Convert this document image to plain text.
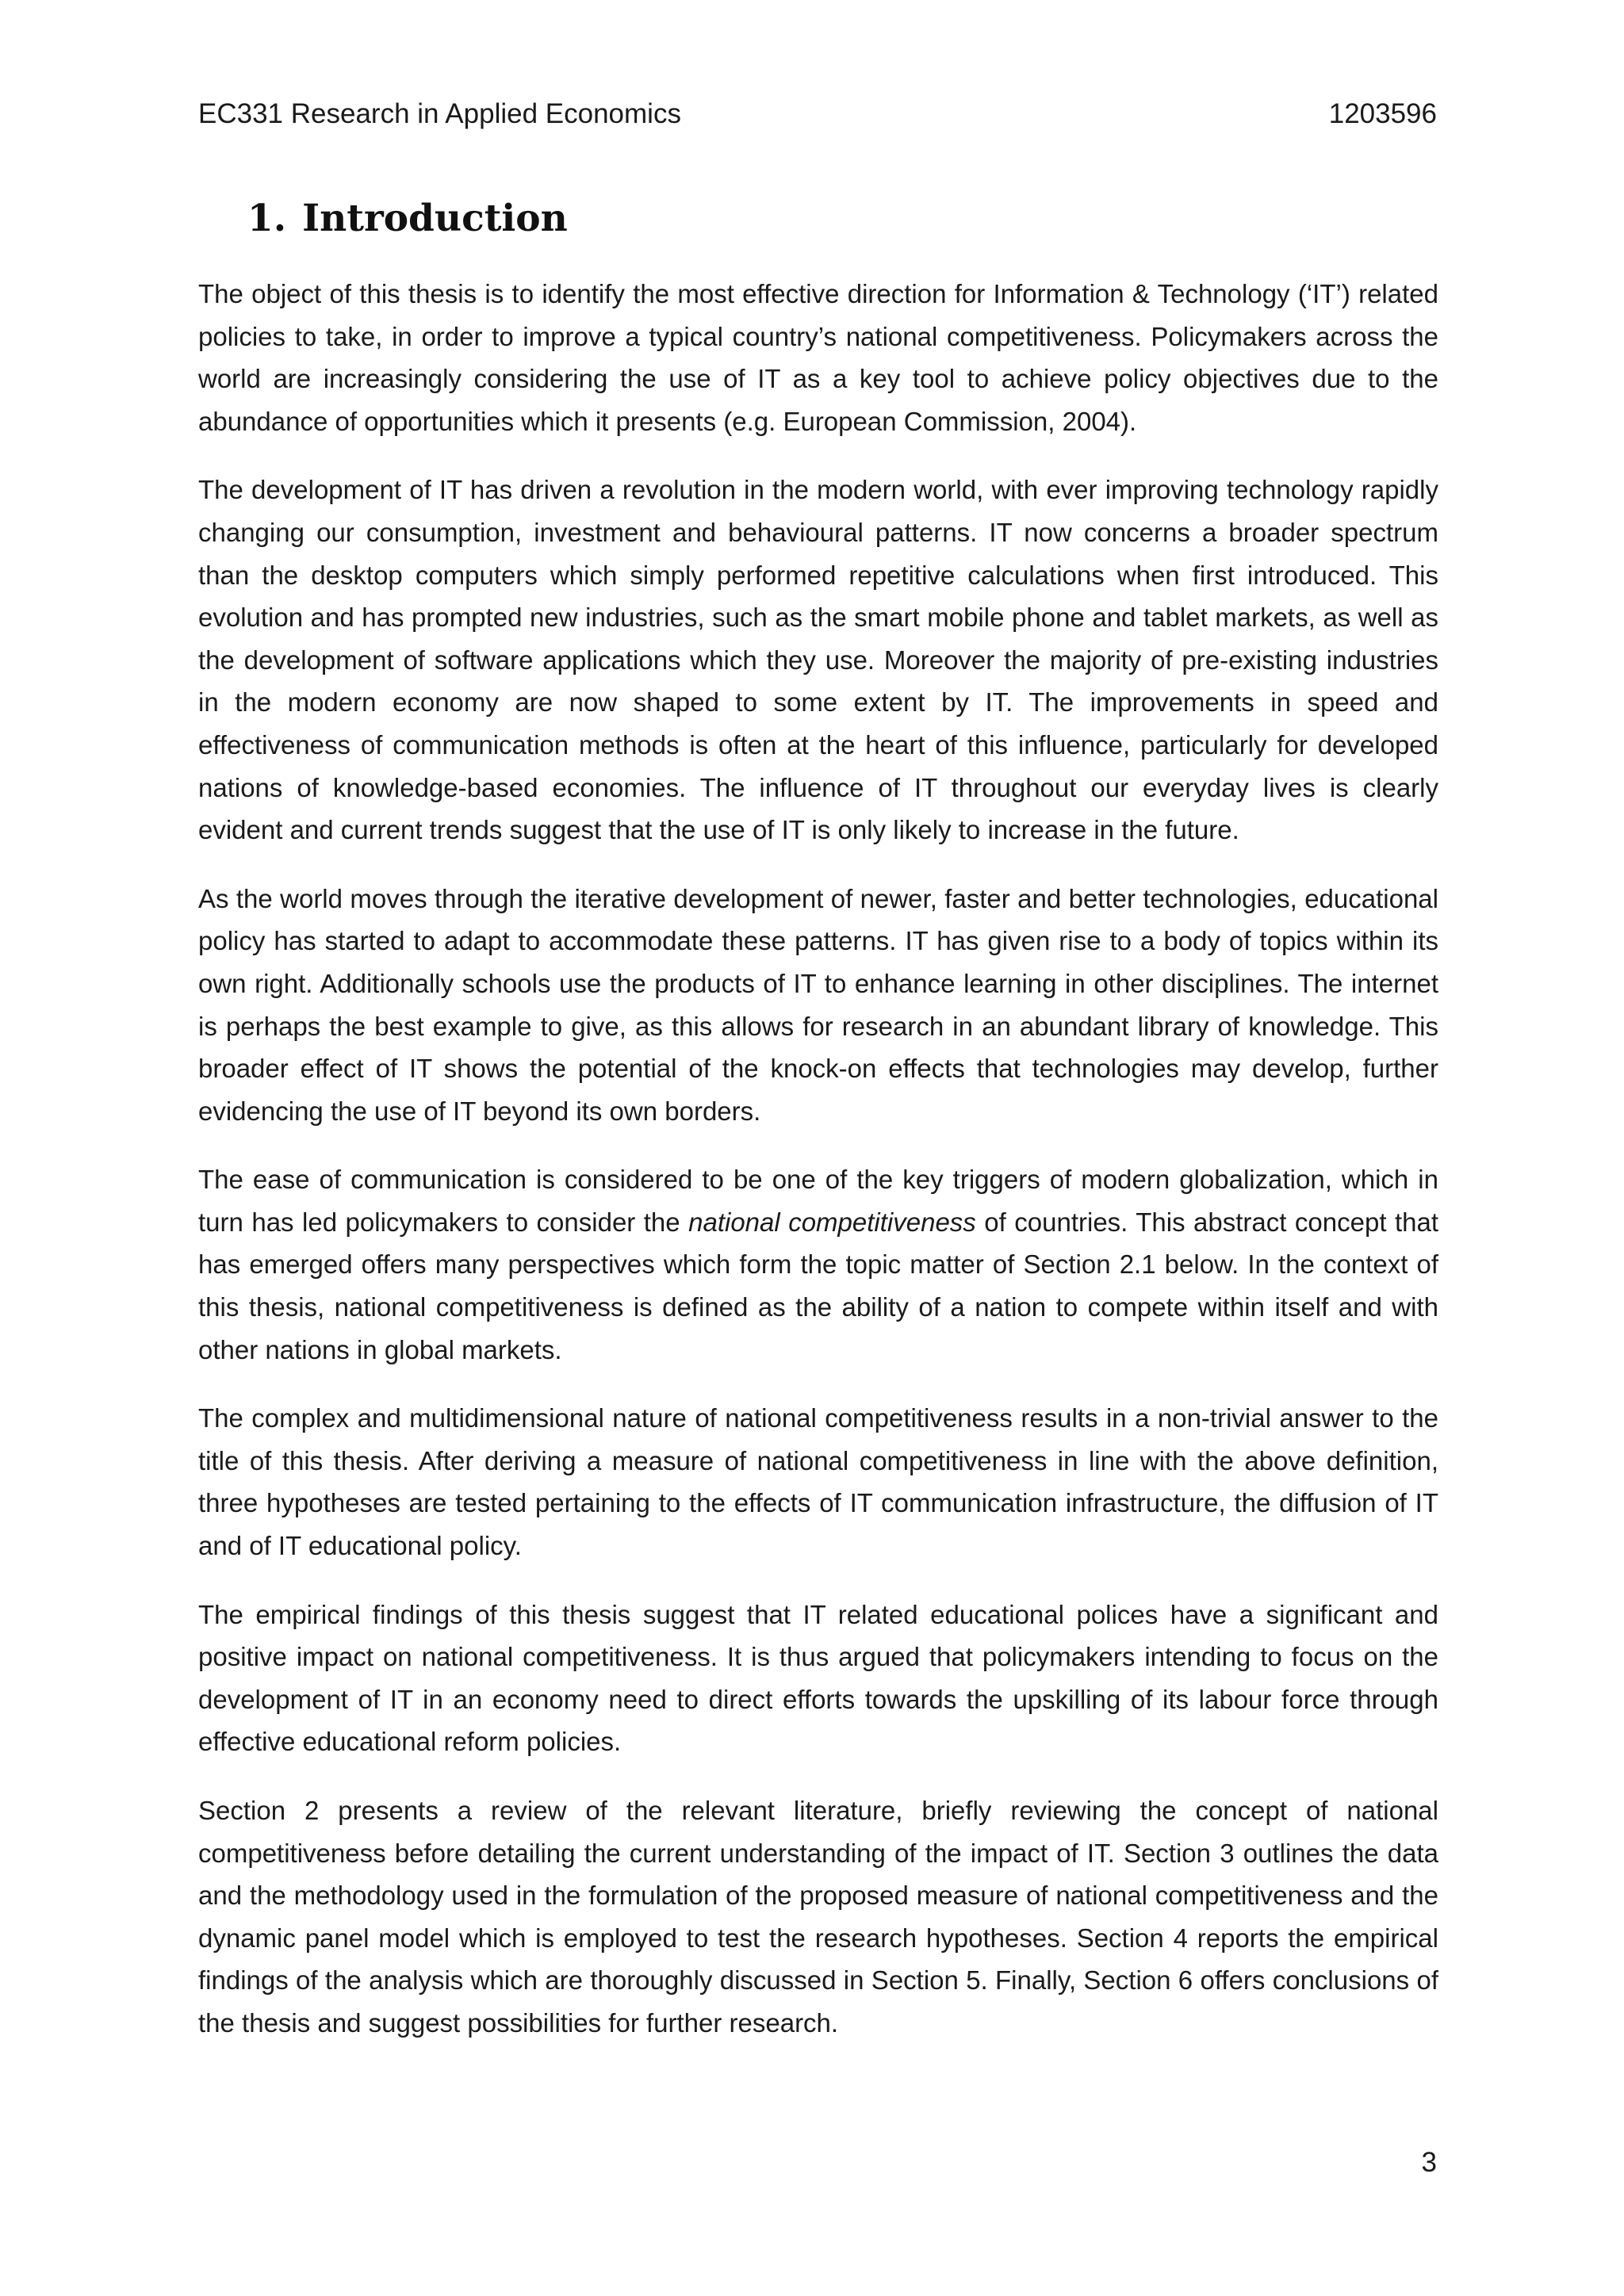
EC331 Research in Applied Economics	1203596
1. Introduction

The object of this thesis is to identify the most effective direction for Information & Technology (‘IT’) related policies to take, in order to improve a typical country’s national competitiveness. Policymakers across the world are increasingly considering the use of IT as a key tool to achieve policy objectives due to the abundance of opportunities which it presents (e.g. European Commission, 2004).

The development of IT has driven a revolution in the modern world, with ever improving technology rapidly changing our consumption, investment and behavioural patterns. IT now concerns a broader spectrum than the desktop computers which simply performed repetitive calculations when first introduced. This evolution and has prompted new industries, such as the smart mobile phone and tablet markets, as well as the development of software applications which they use. Moreover the majority of pre-existing industries in the modern economy are now shaped to some extent by IT. The improvements in speed and effectiveness of communication methods is often at the heart of this influence, particularly for developed nations of knowledge-based economies. The influence of IT throughout our everyday lives is clearly evident and current trends suggest that the use of IT is only likely to increase in the future.

As the world moves through the iterative development of newer, faster and better technologies, educational policy has started to adapt to accommodate these patterns. IT has given rise to a body of topics within its own right. Additionally schools use the products of IT to enhance learning in other disciplines. The internet is perhaps the best example to give, as this allows for research in an abundant library of knowledge. This broader effect of IT shows the potential of the knock-on effects that technologies may develop, further evidencing the use of IT beyond its own borders.

The ease of communication is considered to be one of the key triggers of modern globalization, which in turn has led policymakers to consider the national competitiveness of countries. This abstract concept that has emerged offers many perspectives which form the topic matter of Section 2.1 below. In the context of this thesis, national competitiveness is defined as the ability of a nation to compete within itself and with other nations in global markets.

The complex and multidimensional nature of national competitiveness results in a non-trivial answer to the title of this thesis. After deriving a measure of national competitiveness in line with the above definition, three hypotheses are tested pertaining to the effects of IT communication infrastructure, the diffusion of IT and of IT educational policy.

The empirical findings of this thesis suggest that IT related educational polices have a significant and positive impact on national competitiveness. It is thus argued that policymakers intending to focus on the development of IT in an economy need to direct efforts towards the upskilling of its labour force through effective educational reform policies.

Section 2 presents a review of the relevant literature, briefly reviewing the concept of national competitiveness before detailing the current understanding of the impact of IT. Section 3 outlines the data and the methodology used in the formulation of the proposed measure of national competitiveness and the dynamic panel model which is employed to test the research hypotheses. Section 4 reports the empirical findings of the analysis which are thoroughly discussed in Section 5. Finally, Section 6 offers conclusions of the thesis and suggest possibilities for further research.

3
